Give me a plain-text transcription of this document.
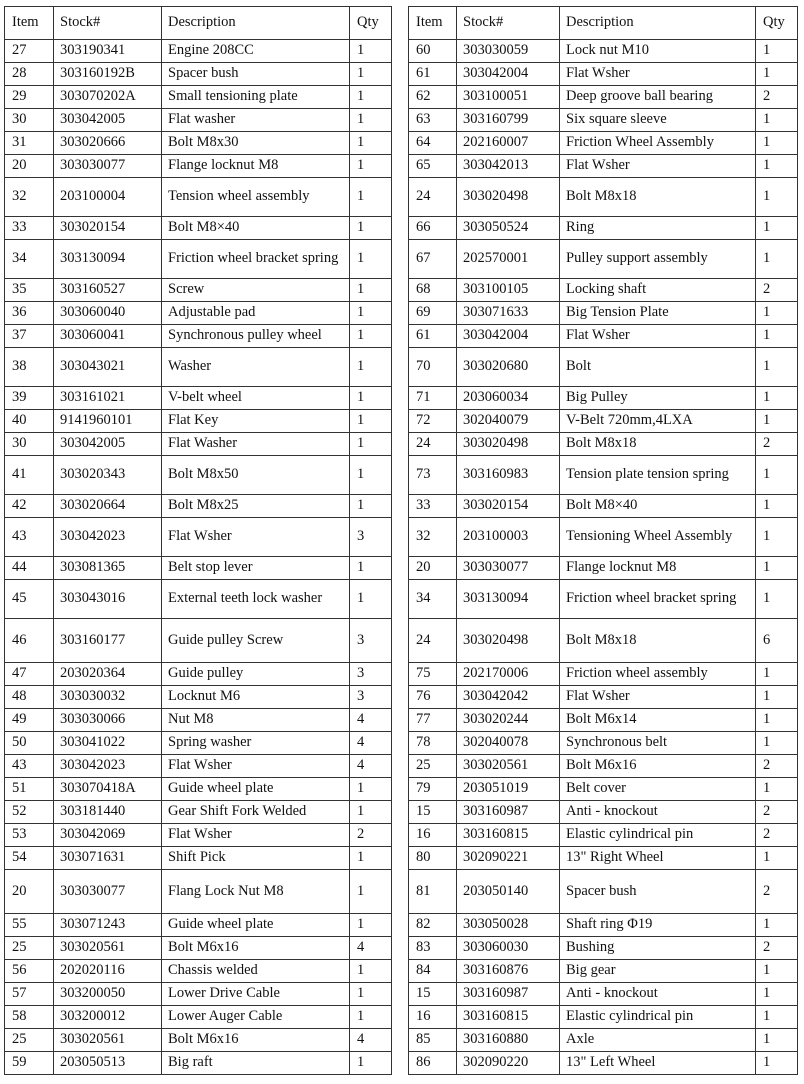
Item	Stock#	Description	Qty
27	303190341	Engine 208CC	1
28	303160192B	Spacer bush	1
29	303070202A	Small tensioning plate	1
30	303042005	Flat washer	1
31	303020666	Bolt M8x30	1
20	303030077	Flange locknut M8	1
32	203100004	Tension wheel assembly	1
33	303020154	Bolt M8×40	1
34	303130094	Friction wheel bracket spring	1
35	303160527	Screw	1
36	303060040	Adjustable pad	1
37	303060041	Synchronous pulley wheel	1
38	303043021	Washer	1
39	303161021	V-belt wheel	1
40	9141960101	Flat Key	1
30	303042005	Flat Washer	1
41	303020343	Bolt M8x50	1
42	303020664	Bolt M8x25	1
43	303042023	Flat Wsher	3
44	303081365	Belt stop lever	1
45	303043016	External teeth lock washer	1
46	303160177	Guide pulley Screw	3
47	203020364	Guide pulley	3
48	303030032	Locknut M6	3
49	303030066	Nut M8	4
50	303041022	Spring washer	4
43	303042023	Flat Wsher	4
51	303070418A	Guide wheel plate	1
52	303181440	Gear Shift Fork Welded	1
53	303042069	Flat Wsher	2
54	303071631	Shift Pick	1
20	303030077	Flang Lock Nut M8	1
55	303071243	Guide wheel plate	1
25	303020561	Bolt M6x16	4
56	202020116	Chassis welded	1
57	303200050	Lower Drive Cable	1
58	303200012	Lower Auger Cable	1
25	303020561	Bolt M6x16	4
59	203050513	Big raft	1
Item	Stock#	Description	Qty
60	303030059	Lock nut M10	1
61	303042004	Flat Wsher	1
62	303100051	Deep groove ball bearing	2
63	303160799	Six square sleeve	1
64	202160007	Friction Wheel Assembly	1
65	303042013	Flat Wsher	1
24	303020498	Bolt M8x18	1
66	303050524	Ring	1
67	202570001	Pulley support assembly	1
68	303100105	Locking shaft	2
69	303071633	Big Tension Plate	1
61	303042004	Flat Wsher	1
70	303020680	Bolt	1
71	203060034	Big Pulley	1
72	302040079	V-Belt 720mm,4LXA	1
24	303020498	Bolt M8x18	2
73	303160983	Tension plate tension spring	1
33	303020154	Bolt M8×40	1
32	203100003	Tensioning Wheel Assembly	1
20	303030077	Flange locknut M8	1
34	303130094	Friction wheel bracket spring	1
24	303020498	Bolt M8x18	6
75	202170006	Friction wheel assembly	1
76	303042042	Flat Wsher	1
77	303020244	Bolt M6x14	1
78	302040078	Synchronous belt	1
25	303020561	Bolt M6x16	2
79	203051019	Belt cover	1
15	303160987	Anti - knockout	2
16	303160815	Elastic cylindrical pin	2
80	302090221	13" Right Wheel	1
81	203050140	Spacer bush	2
82	303050028	Shaft ring Φ19	1
83	303060030	Bushing	2
84	303160876	Big gear	1
15	303160987	Anti - knockout	1
16	303160815	Elastic cylindrical pin	1
85	303160880	Axle	1
86	302090220	13" Left Wheel	1
